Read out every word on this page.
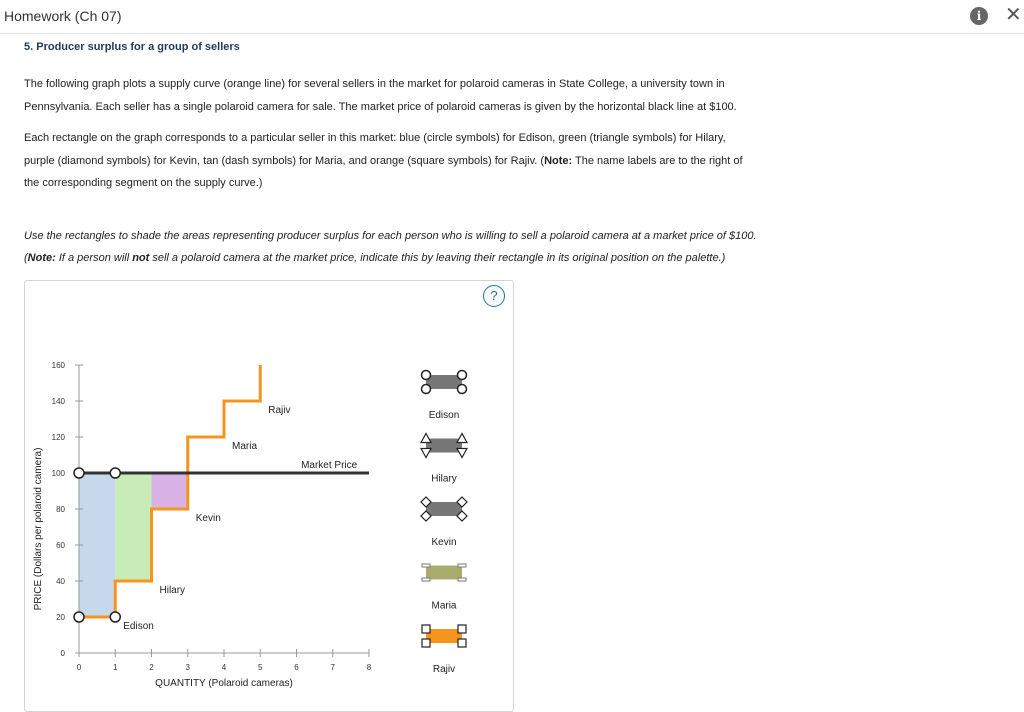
Homework (Ch 07)	i	✕
5. Producer surplus for a group of sellers
The following graph plots a supply curve (orange line) for several sellers in the market for polaroid cameras in State College, a university town in
Pennsylvania. Each seller has a single polaroid camera for sale. The market price of polaroid cameras is given by the horizontal black line at $100.
Each rectangle on the graph corresponds to a particular seller in this market: blue (circle symbols) for Edison, green (triangle symbols) for Hilary,
purple (diamond symbols) for Kevin, tan (dash symbols) for Maria, and orange (square symbols) for Rajiv. (Note: The name labels are to the right of
the corresponding segment on the supply curve.)
Use the rectangles to shade the areas representing producer surplus for each person who is willing to sell a polaroid camera at a market price of $100.
(Note: If a person will not sell a polaroid camera at the market price, indicate this by leaving their rectangle in its original position on the palette.)
?
0	1	2	3	4	5	6	7	8
0
20
40
60
80
100
120
140
160
QUANTITY (Polaroid cameras)
PRICE (Dollars per polaroid camera)	Market Price
Edison
Hilary
Kevin
Maria
Rajiv	Edison
Hilary
Kevin
Maria
Rajiv
